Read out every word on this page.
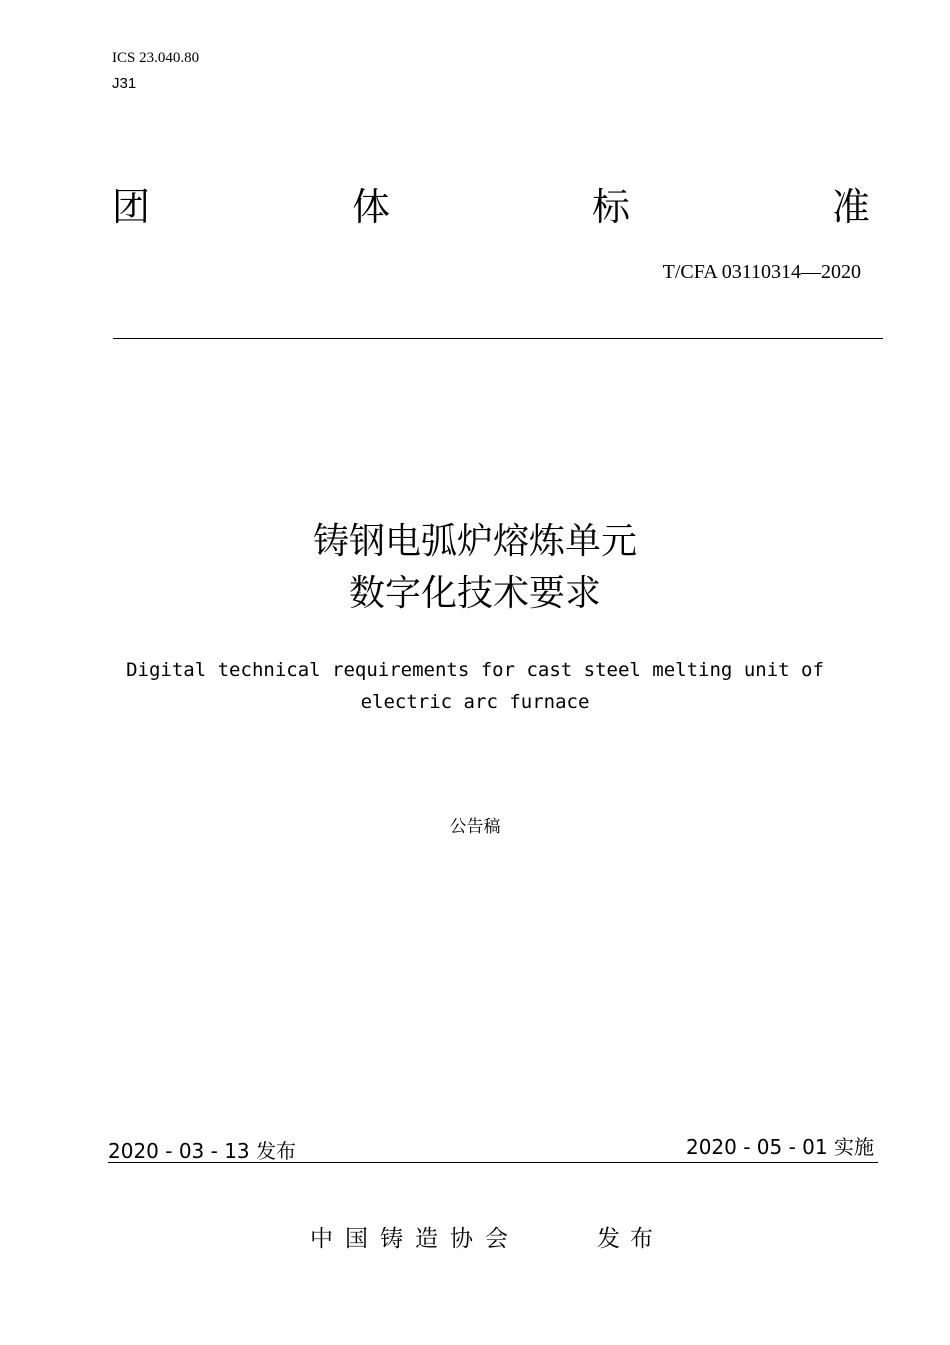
ICS 23.040.80
J31
团	体	标	准
T/CFA 03110314—2020
铸钢电弧炉熔炼单元
数字化技术要求
Digital technical requirements for cast steel melting unit of electric arc furnace
公告稿
2020 - 03 - 13 发布	2020 - 05 - 01 实施
中国铸造协会	发布
